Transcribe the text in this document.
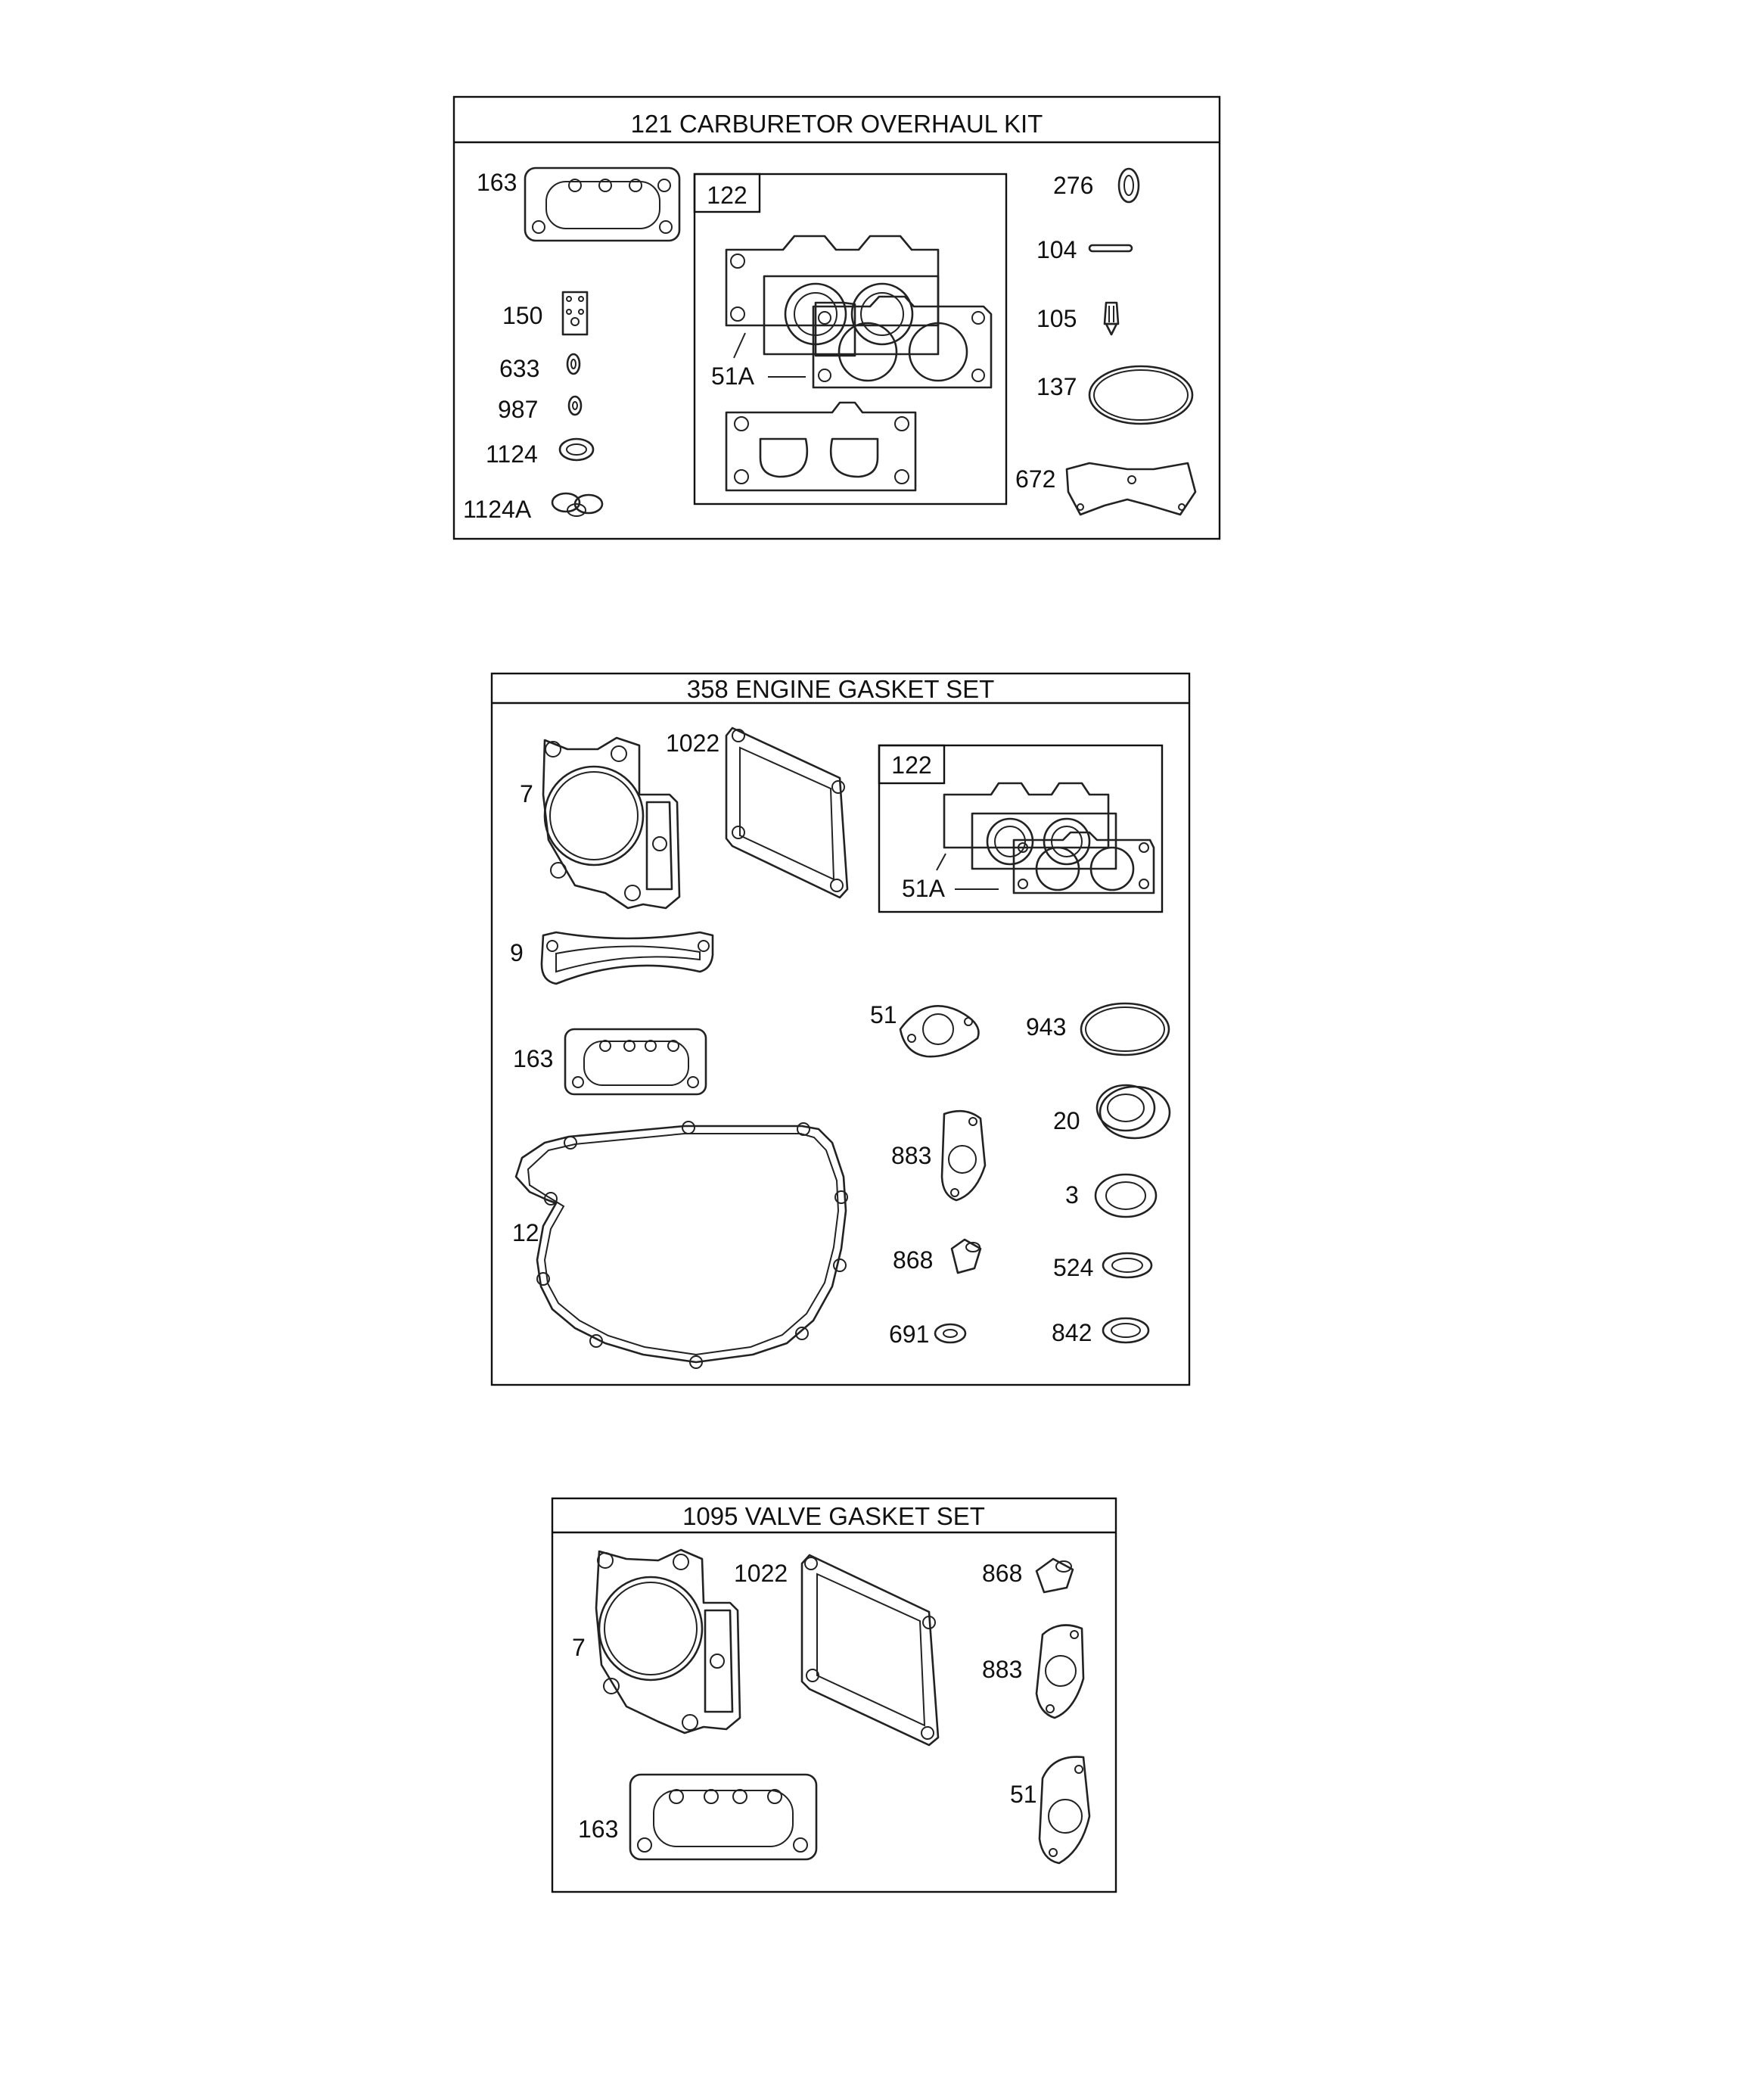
121 CARBURETOR OVERHAUL KIT
163
150
633
987
1124
1124A
122
51A
276
104
105
137
672
358 ENGINE GASKET SET
7
1022
122
51A
9
163
12
51	943
20
883
3
868	524
691	842
1095 VALVE GASKET SET
7
1022	868
883
51
163
